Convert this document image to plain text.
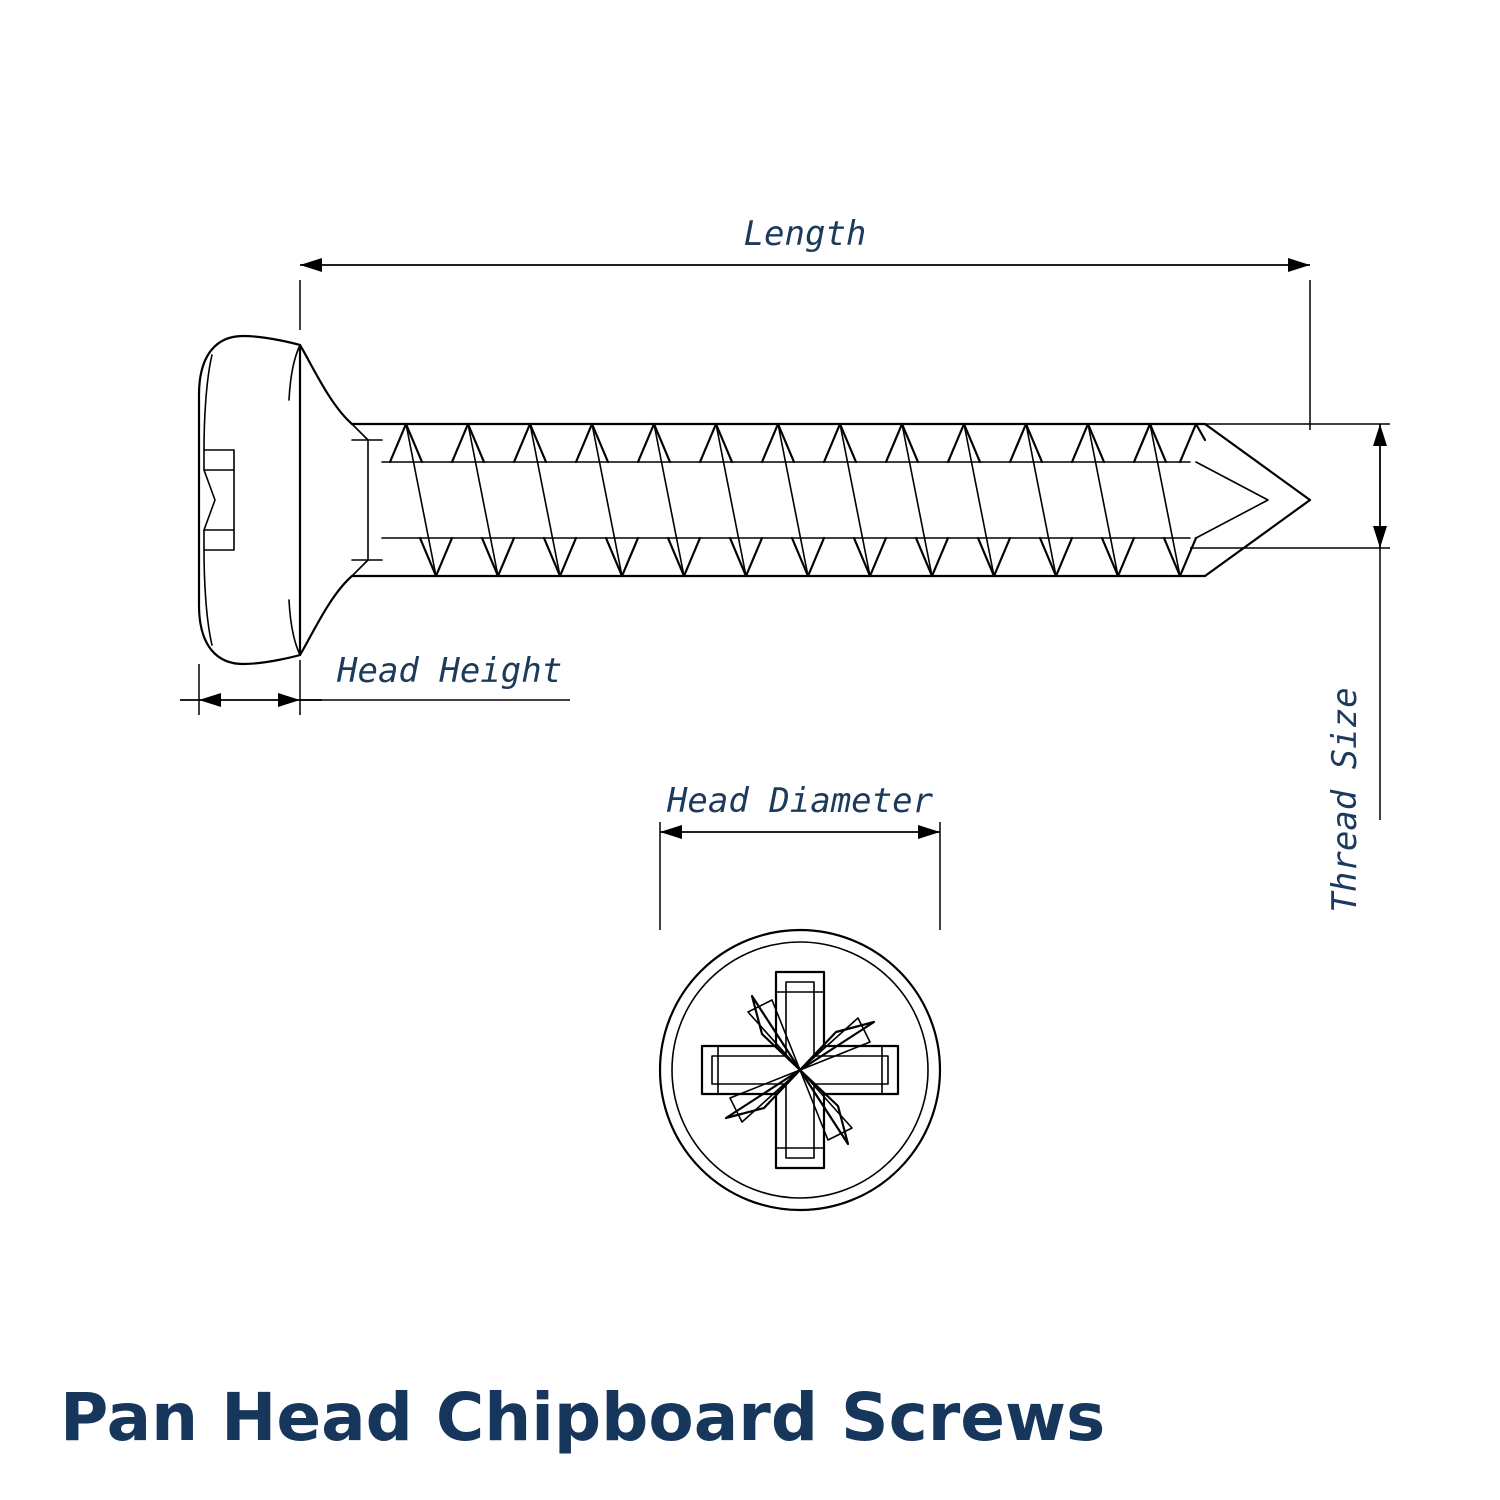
Length
Head Height
Thread Size
Head Diameter
Pan Head Chipboard Screws
